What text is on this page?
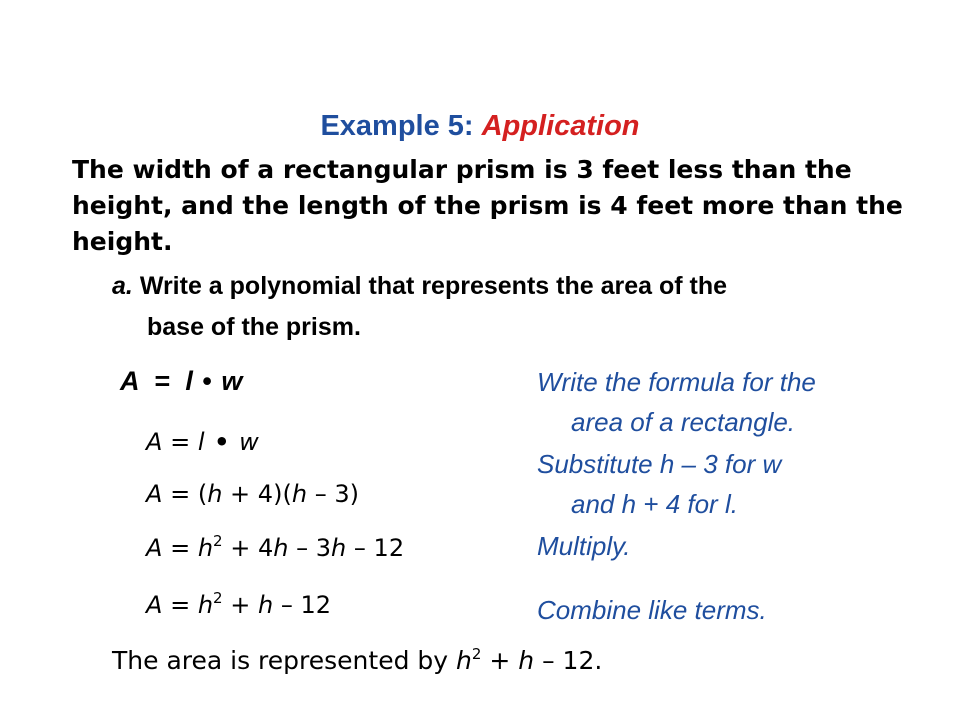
Example 5: Application
The width of a rectangular prism is 3 feet less than the height, and the length of the prism is 4 feet more than the height.
a. Write a polynomial that represents the area of the
base of the prism.
A = l • w
A = l • w
A = (h + 4)(h – 3)
$A = h^2 + 4h - 3h - 12$
$A = h^2 + h - 12$
Write the formula for the
area of a rectangle.
Substitute h – 3 for w
and h + 4 for l.
Multiply.
Combine like terms.
The area is represented by $h^2 + h - 12$.
